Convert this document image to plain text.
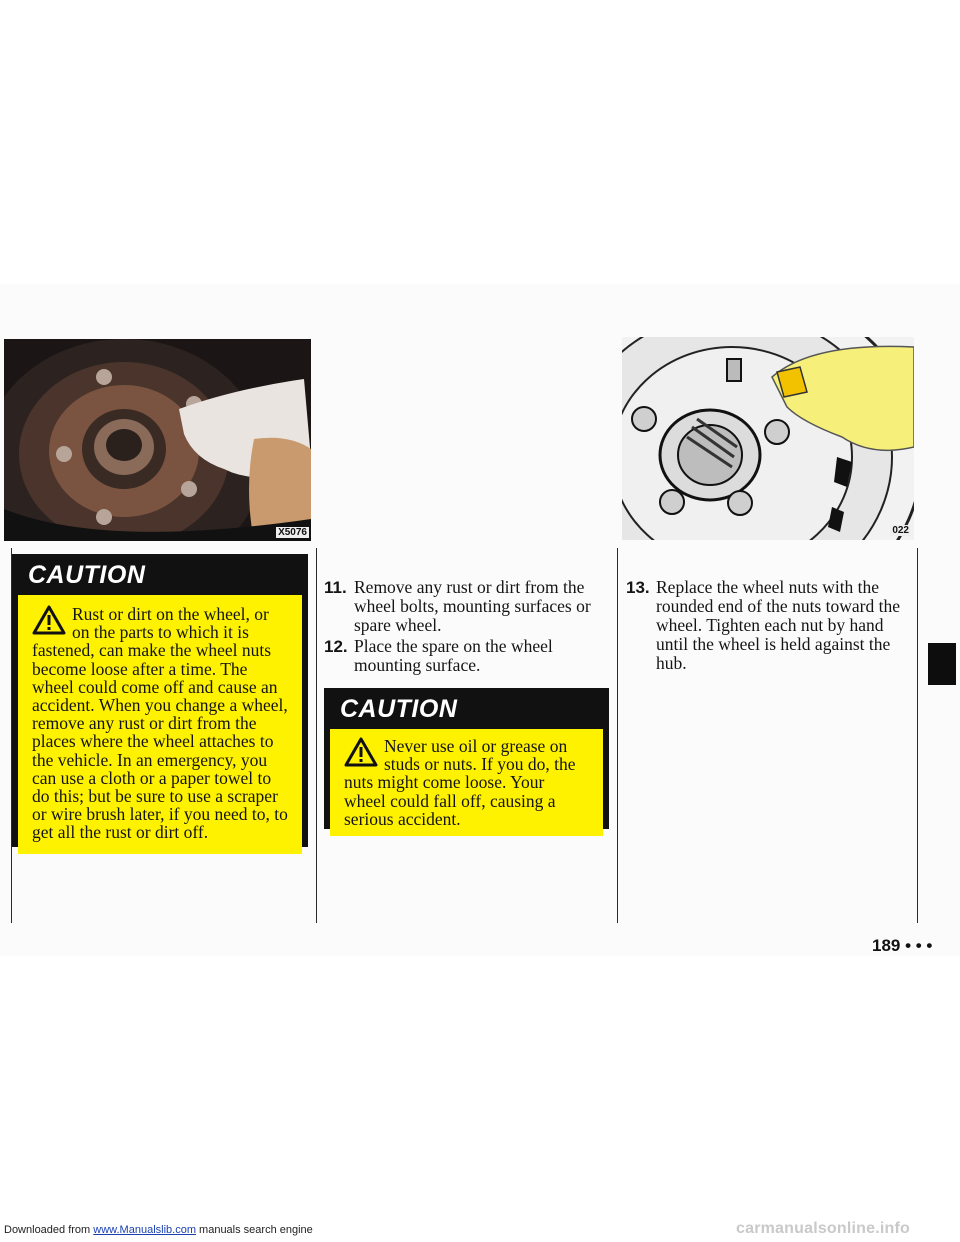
X5076	022
CAUTION
Rust or dirt on the wheel, or on the parts to which it is fastened, can make the wheel nuts become loose after a time. The wheel could come off and cause an accident. When you change a wheel, remove any rust or dirt from the places where the wheel attaches to the vehicle. In an emergency, you can use a cloth or a paper towel to do this; but be sure to use a scraper or wire brush later, if you need to, to get all the rust or dirt off.
11. Remove any rust or dirt from the wheel bolts, mounting surfaces or spare wheel.
12. Place the spare on the wheel mounting surface.
CAUTION
Never use oil or grease on studs or nuts. If you do, the nuts might come loose. Your wheel could fall off, causing a serious accident.
13. Replace the wheel nuts with the rounded end of the nuts toward the wheel. Tighten each nut by hand until the wheel is held against the hub.
189 • • •
Downloaded from www.Manualslib.com manuals search engine	carmanualsonline.info
